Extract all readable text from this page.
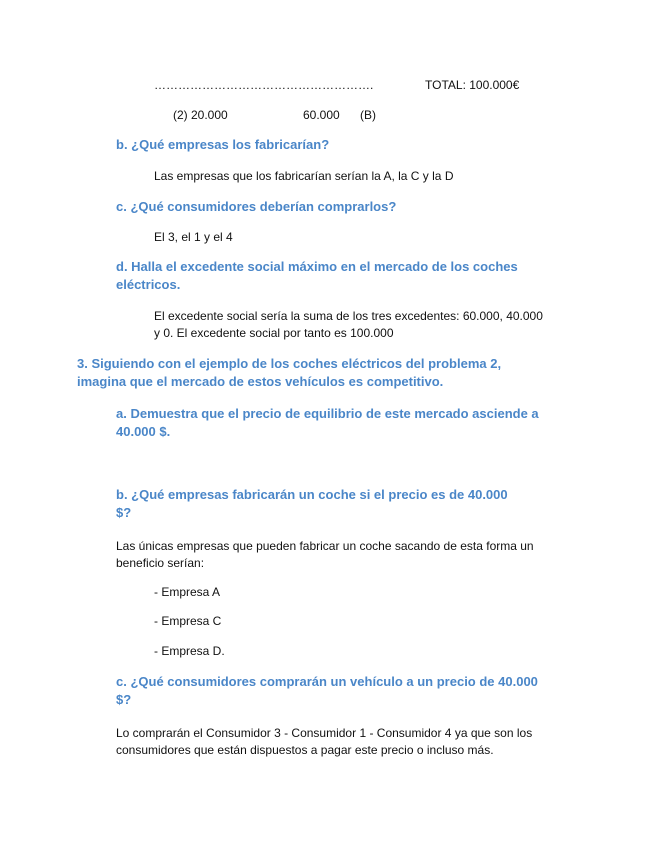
……………………………………………….	TOTAL: 100.000€
(2) 20.000	60.000 (B)
b. ¿Qué empresas los fabricarían?
Las empresas que los fabricarían serían la A, la C y la D
c. ¿Qué consumidores deberían comprarlos?
El 3, el 1 y el 4
d. Halla el excedente social máximo en el mercado de los coches
eléctricos.
El excedente social sería la suma de los tres excedentes: 60.000, 40.000
y 0. El excedente social por tanto es 100.000
3. Siguiendo con el ejemplo de los coches eléctricos del problema 2,
imagina que el mercado de estos vehículos es competitivo.
a. Demuestra que el precio de equilibrio de este mercado asciende a
40.000 $.
b. ¿Qué empresas fabricarán un coche si el precio es de 40.000
$?
Las únicas empresas que pueden fabricar un coche sacando de esta forma un
beneficio serían:
- Empresa A
- Empresa C
- Empresa D.
c. ¿Qué consumidores comprarán un vehículo a un precio de 40.000
$?
Lo comprarán el Consumidor 3 - Consumidor 1 - Consumidor 4 ya que son los
consumidores que están dispuestos a pagar este precio o incluso más.
